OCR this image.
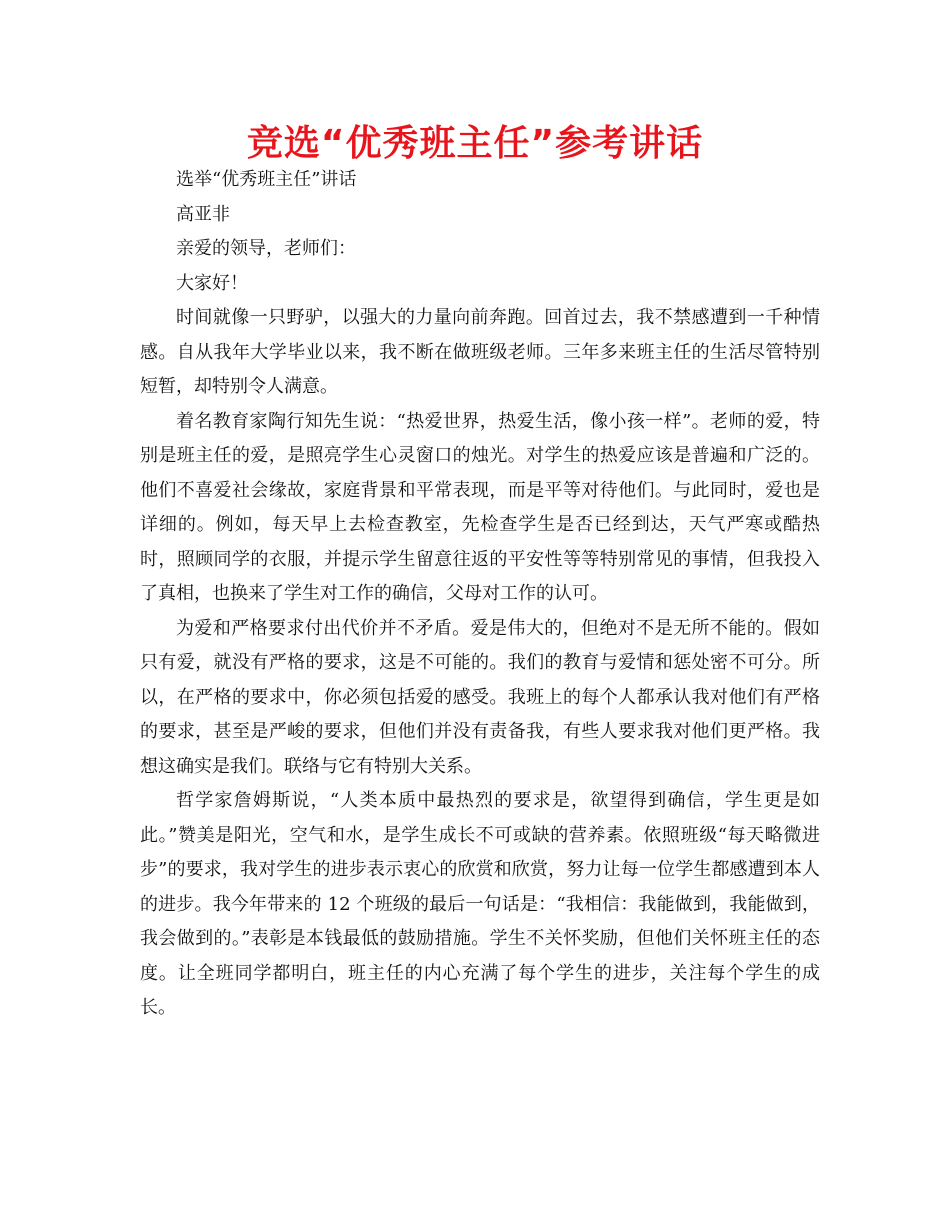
竞选“优秀班主任”参考讲话

选举“优秀班主任”讲话

高亚非

亲爱的领导，老师们：

大家好！

时间就像一只野驴，以强大的力量向前奔跑。回首过去，我不禁感遭到一千种情感。自从我年大学毕业以来，我不断在做班级老师。三年多来班主任的生活尽管特别短暂，却特别令人满意。

着名教育家陶行知先生说：“热爱世界，热爱生活，像小孩一样”。老师的爱，特别是班主任的爱，是照亮学生心灵窗口的烛光。对学生的热爱应该是普遍和广泛的。他们不喜爱社会缘故，家庭背景和平常表现，而是平等对待他们。与此同时，爱也是详细的。例如，每天早上去检查教室，先检查学生是否已经到达，天气严寒或酷热时，照顾同学的衣服，并提示学生留意往返的平安性等等特别常见的事情，但我投入了真相，也换来了学生对工作的确信，父母对工作的认可。

为爱和严格要求付出代价并不矛盾。爱是伟大的，但绝对不是无所不能的。假如只有爱，就没有严格的要求，这是不可能的。我们的教育与爱情和惩处密不可分。所以，在严格的要求中，你必须包括爱的感受。我班上的每个人都承认我对他们有严格的要求，甚至是严峻的要求，但他们并没有责备我，有些人要求我对他们更严格。我想这确实是我们。联络与它有特别大关系。

哲学家詹姆斯说，“人类本质中最热烈的要求是，欲望得到确信，学生更是如此。”赞美是阳光，空气和水，是学生成长不可或缺的营养素。依照班级“每天略微进步”的要求，我对学生的进步表示衷心的欣赏和欣赏，努力让每一位学生都感遭到本人的进步。我今年带来的 12 个班级的最后一句话是：“我相信：我能做到，我能做到，我会做到的。”表彰是本钱最低的鼓励措施。学生不关怀奖励，但他们关怀班主任的态度。让全班同学都明白，班主任的内心充满了每个学生的进步，关注每个学生的成长。
